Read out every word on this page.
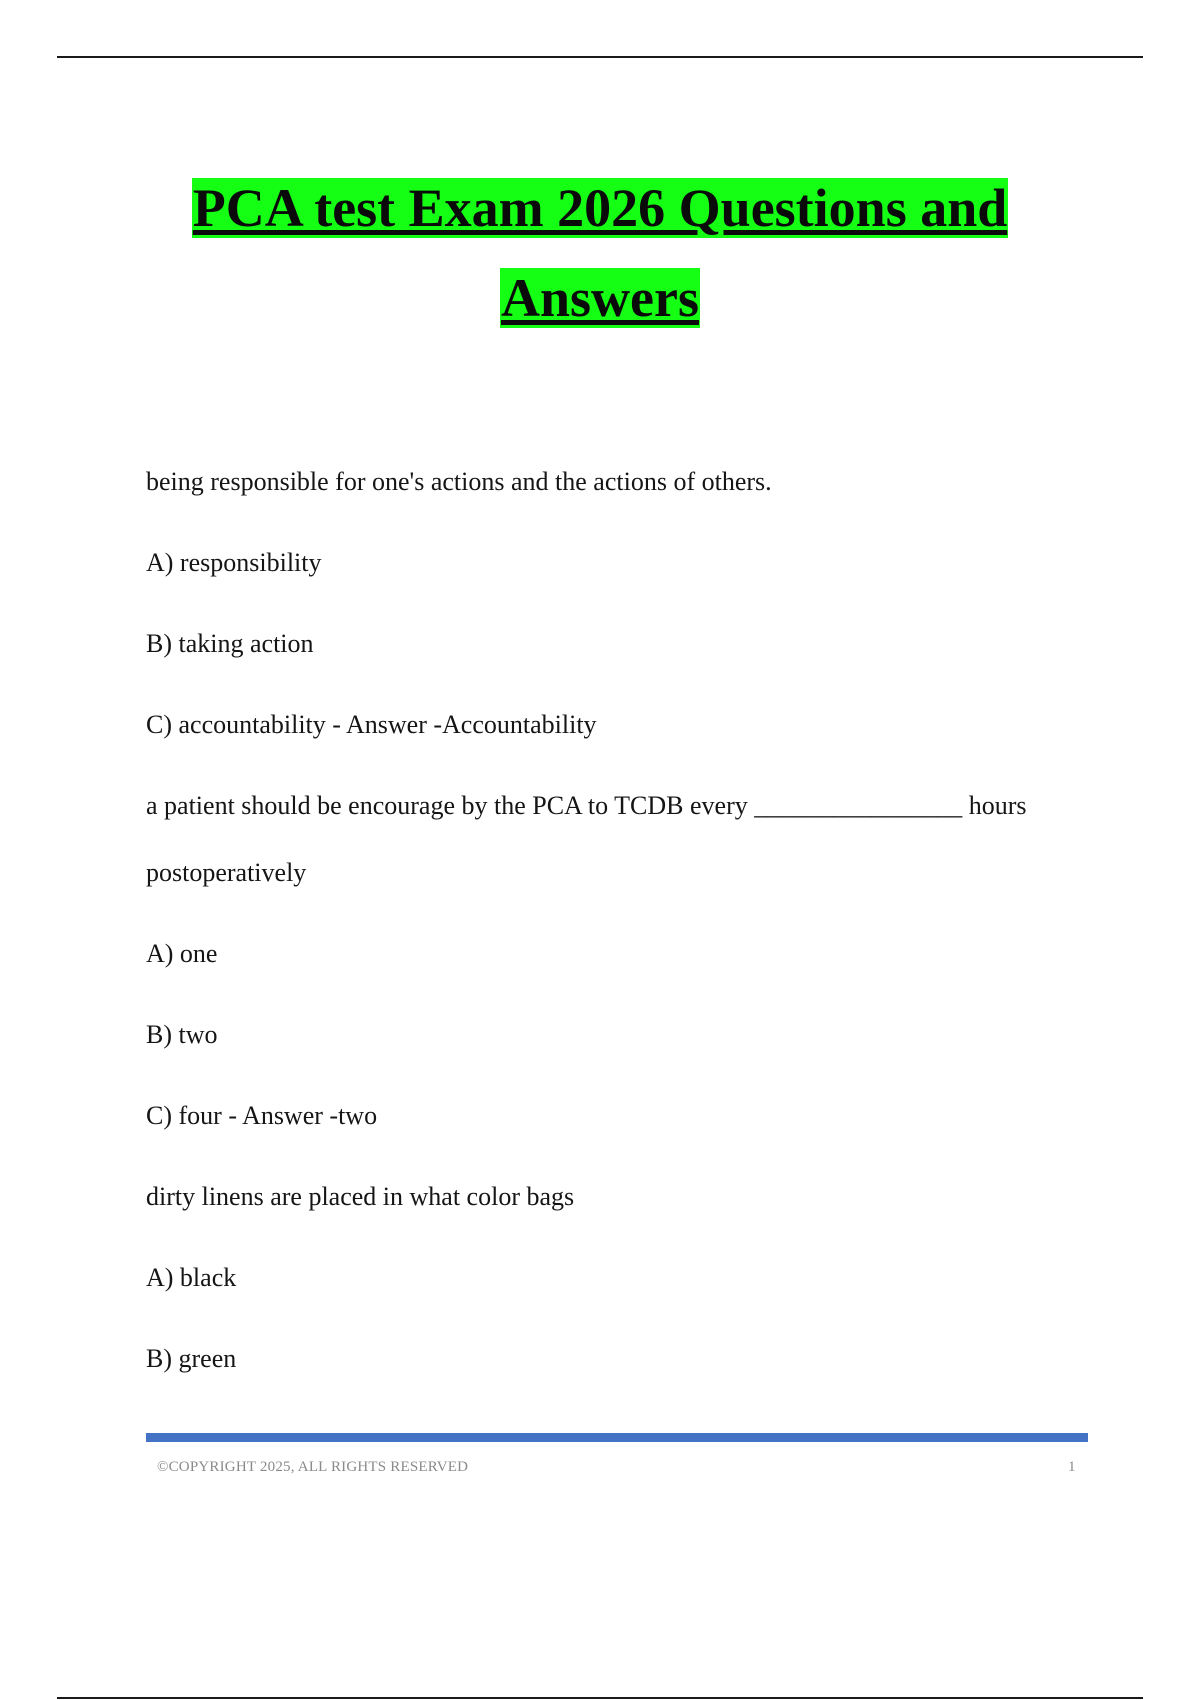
PCA test Exam 2026 Questions and
Answers

being responsible for one's actions and the actions of others.

A) responsibility

B) taking action

C) accountability - Answer -Accountability

a patient should be encourage by the PCA to TCDB every ________________ hours

postoperatively

A) one

B) two

C) four - Answer -two

dirty linens are placed in what color bags

A) black

B) green

©COPYRIGHT 2025, ALL RIGHTS RESERVED	1
